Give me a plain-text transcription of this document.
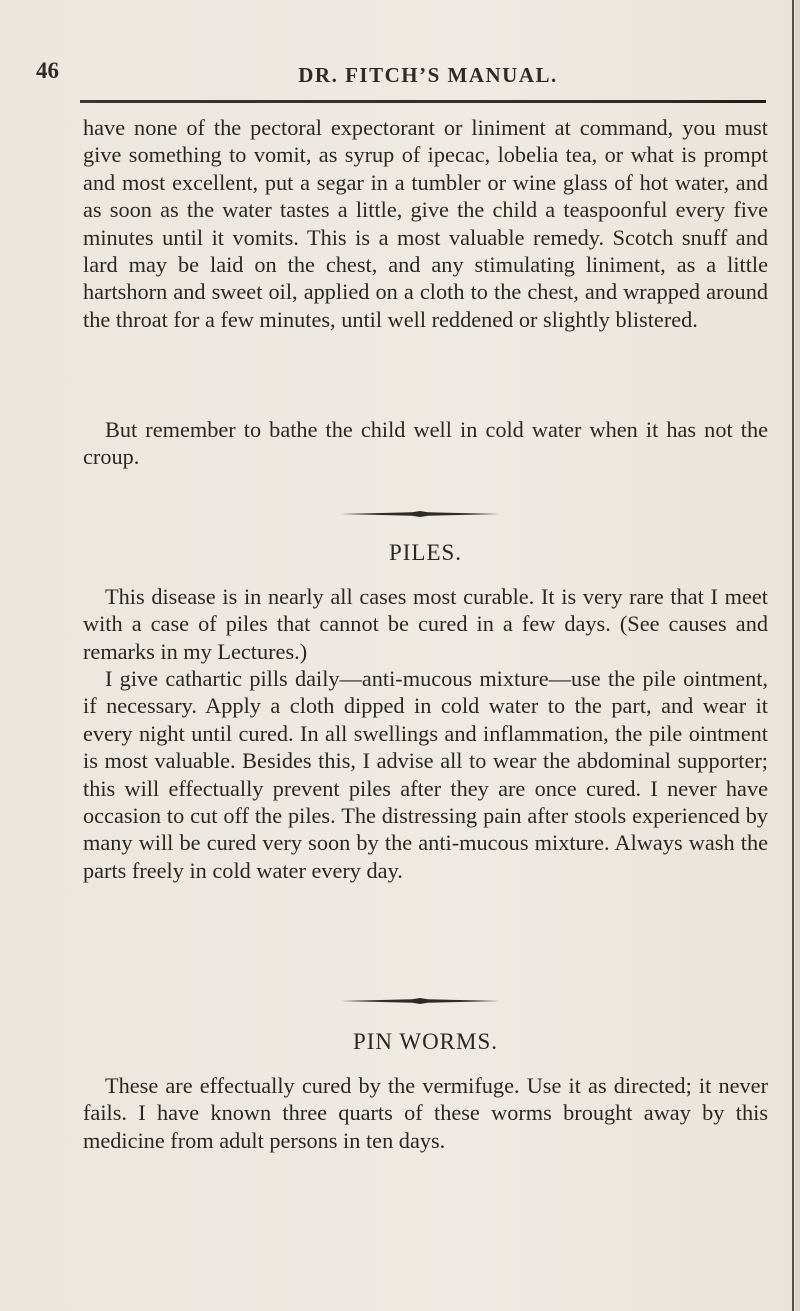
46	DR. FITCH’S MANUAL.

have none of the pectoral expectorant or liniment at command, you must give something to vomit, as syrup of ipecac, lobelia tea, or what is prompt and most excellent, put a segar in a tumbler or wine glass of hot water, and as soon as the water tastes a little, give the child a teaspoonful every five minutes until it vomits. This is a most valuable remedy. Scotch snuff and lard may be laid on the chest, and any stimulating liniment, as a little hartshorn and sweet oil, applied on a cloth to the chest, and wrapped around the throat for a few minutes, until well reddened or slightly blistered.

But remember to bathe the child well in cold water when it has not the croup.

PILES.

This disease is in nearly all cases most curable. It is very rare that I meet with a case of piles that cannot be cured in a few days. (See causes and remarks in my Lectures.)

I give cathartic pills daily—anti-mucous mixture—use the pile ointment, if necessary. Apply a cloth dipped in cold water to the part, and wear it every night until cured. In all swellings and inflammation, the pile ointment is most valuable. Besides this, I advise all to wear the abdominal supporter; this will effectually prevent piles after they are once cured. I never have occasion to cut off the piles. The distressing pain after stools experienced by many will be cured very soon by the anti-mucous mixture. Always wash the parts freely in cold water every day.

PIN WORMS.

These are effectually cured by the vermifuge. Use it as directed; it never fails. I have known three quarts of these worms brought away by this medicine from adult persons in ten days.
